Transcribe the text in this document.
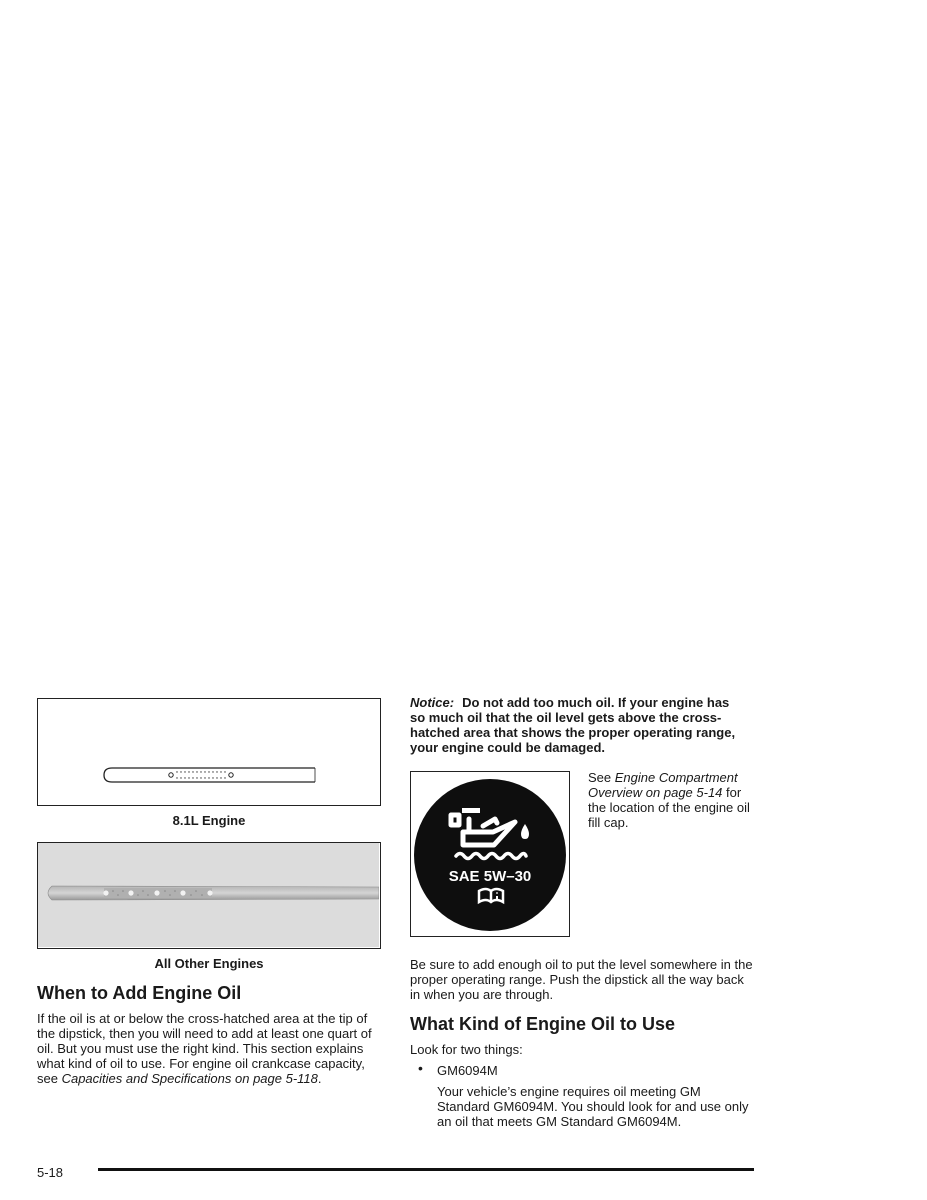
8.1L Engine
All Other Engines
When to Add Engine Oil
If the oil is at or below the cross-hatched area at the tip of the dipstick, then you will need to add at least one quart of oil. But you must use the right kind. This section explains what kind of oil to use. For engine oil crankcase capacity, see Capacities and Specifications on page 5-118.
Notice: Do not add too much oil. If your engine has so much oil that the oil level gets above the cross-hatched area that shows the proper operating range, your engine could be damaged.
SAE 5W–30
See Engine Compartment Overview on page 5-14 for the location of the engine oil fill cap.
Be sure to add enough oil to put the level somewhere in the proper operating range. Push the dipstick all the way back in when you are through.
What Kind of Engine Oil to Use
Look for two things:
• GM6094M
Your vehicle’s engine requires oil meeting GM Standard GM6094M. You should look for and use only an oil that meets GM Standard GM6094M.
5-18
